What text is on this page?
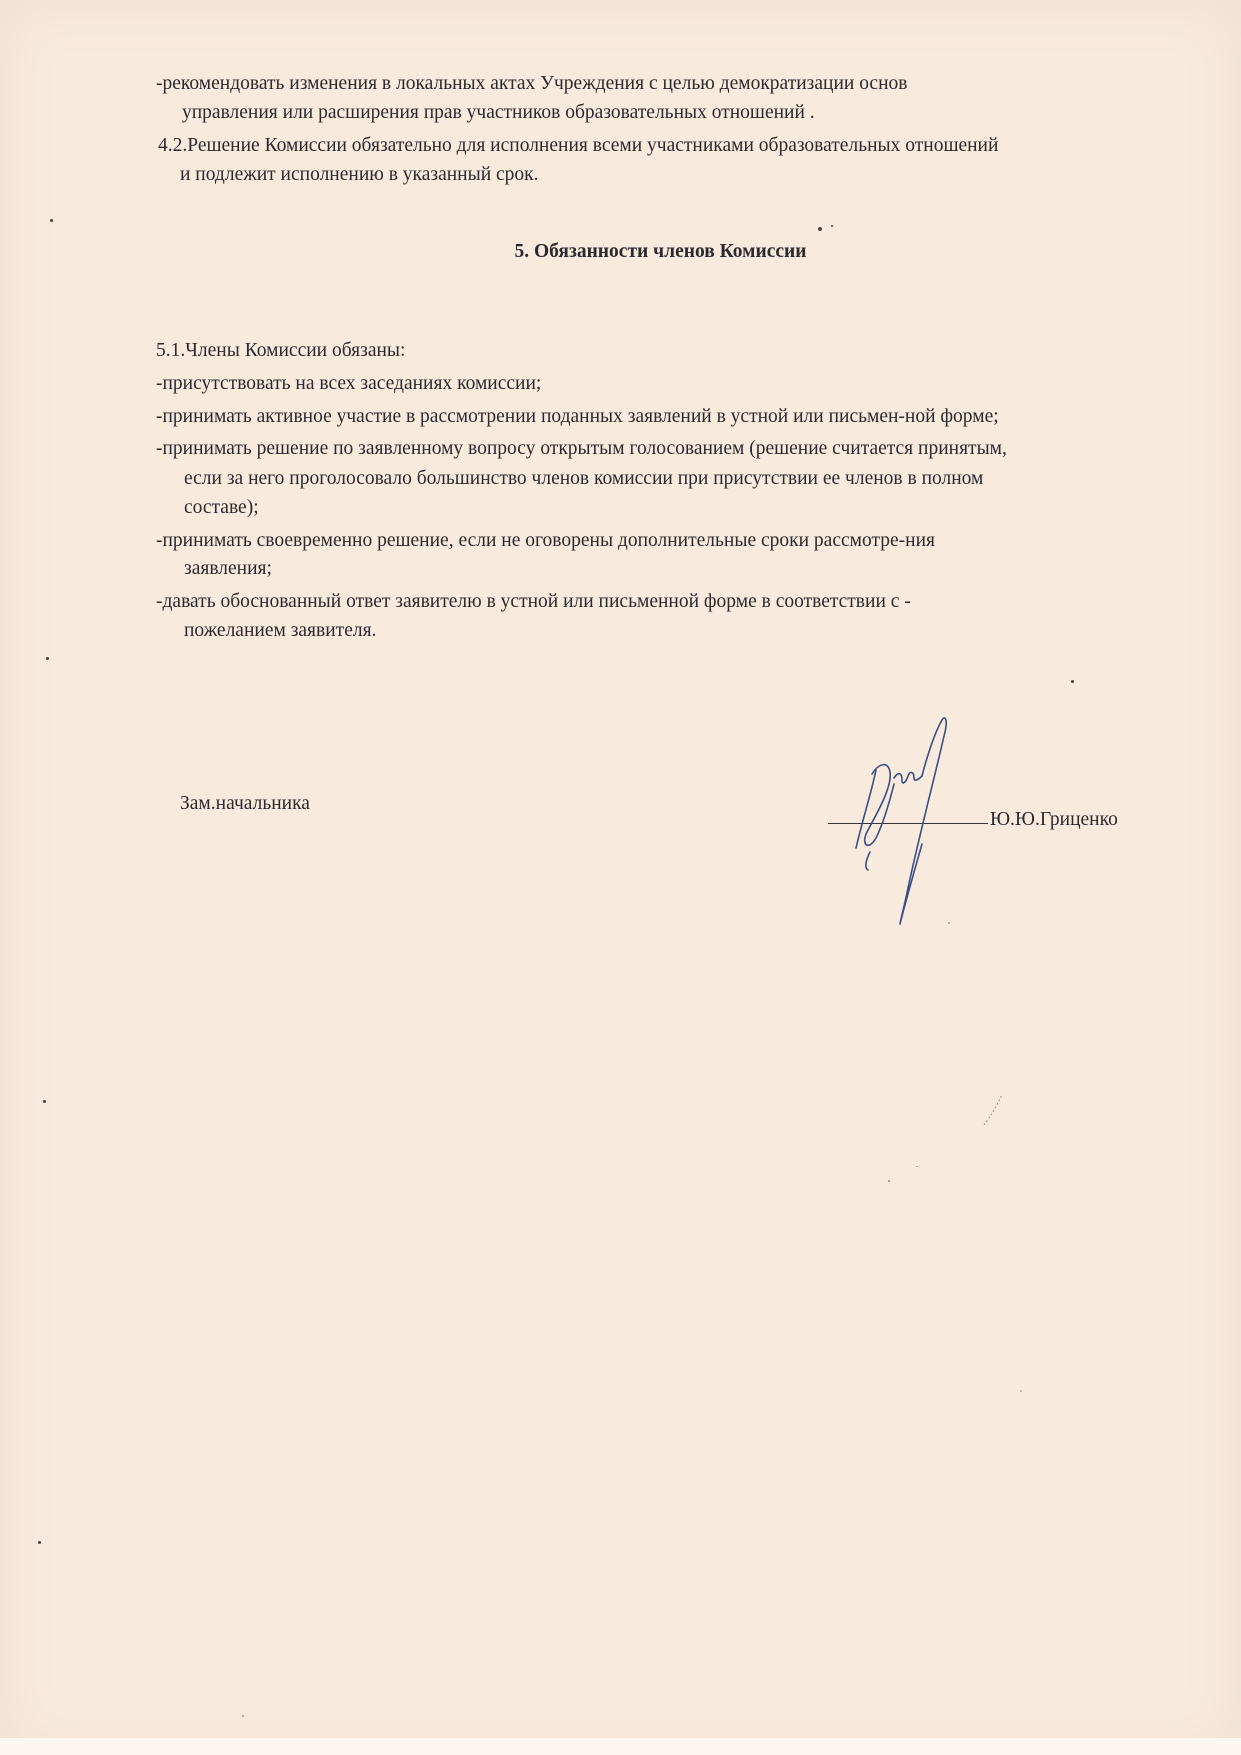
-рекомендовать изменения в локальных актах Учреждения с целью демократизации основ
управления или расширения прав участников образовательных отношений .
4.2.Решение Комиссии обязательно для исполнения всеми участниками образовательных отношений
и подлежит исполнению в указанный срок.
5. Обязанности членов Комиссии
5.1.Члены Комиссии обязаны:
-присутствовать на всех заседаниях комиссии;
-принимать активное участие в рассмотрении поданных заявлений в устной или письмен-ной форме;
-принимать решение по заявленному вопросу открытым голосованием (решение считается принятым,
если за него проголосовало большинство членов комиссии при присутствии ее членов в полном
составе);
-принимать своевременно решение, если не оговорены дополнительные сроки рассмотре-ния
заявления;
-давать обоснованный ответ заявителю в устной или письменной форме в соответствии с -
пожеланием заявителя.
Зам.начальника
Ю.Ю.Гриценко
